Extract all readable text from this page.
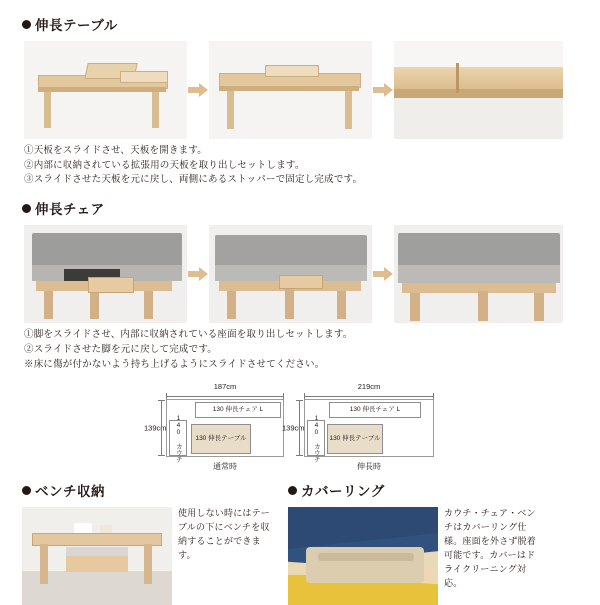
伸長テーブル
①天板をスライドさせ、天板を開きます。
②内部に収納されている拡張用の天板を取り出しセットします。
③スライドさせた天板を元に戻し、両側にあるストッパーで固定し完成です。
伸長チェア
①脚をスライドさせ、内部に収納されている座面を取り出しセットします。
②スライドさせた脚を元に戻して完成です。
※床に傷が付かないよう持ち上げるようにスライドさせてください。
187cm
139cm
130 伸長チェア L
140 カウチ	130 伸長テーブル
通常時
219cm
139cm
130 伸長チェア L
140 カウチ	130 伸長テーブル
伸長時
ベンチ収納
使用しない時にはテーブルの下にベンチを収納することができます。
カバーリング
カウチ・チェア・ベンチはカバーリング仕様。座面を外さず脱着可能です。カバーはドライクリーニング対応。
